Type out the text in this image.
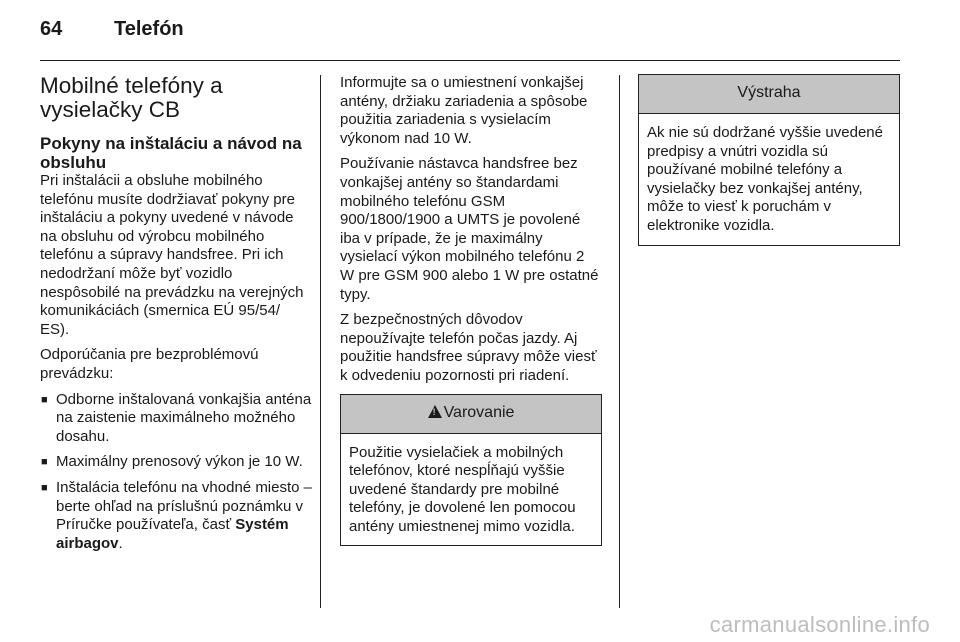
64	Telefón
Mobilné telefóny a vysielačky CB
Pokyny na inštaláciu a návod na obsluhu

Pri inštalácii a obsluhe mobilného telefónu musíte dodržiavať pokyny pre inštaláciu a pokyny uvedené v návode na obsluhu od výrobcu mobilného telefónu a súpravy handsfree. Pri ich nedodržaní môže byť vozidlo nespôsobilé na prevádzku na verejných komunikáciách (smernica EÚ 95/54/ ES).

Odporúčania pre bezproblémovú prevádzku:

■ Odborne inštalovaná vonkajšia anténa na zaistenie maximálneho možného dosahu.
■ Maximálny prenosový výkon je 10 W.
■ Inštalácia telefónu na vhodné miesto – berte ohľad na príslušnú poznámku v Príručke používateľa, časť Systém airbagov.

Informujte sa o umiestnení vonkajšej antény, držiaku zariadenia a spôsobe použitia zariadenia s vysielacím výkonom nad 10 W.

Používanie nástavca handsfree bez vonkajšej antény so štandardami mobilného telefónu GSM 900/1800/1900 a UMTS je povolené iba v prípade, že je maximálny vysielací výkon mobilného telefónu 2 W pre GSM 900 alebo 1 W pre ostatné typy.

Z bezpečnostných dôvodov nepoužívajte telefón počas jazdy. Aj použitie handsfree súpravy môže viesť k odvedeniu pozornosti pri riadení.

!Varovanie
Použitie vysielačiek a mobilných telefónov, ktoré nespĺňajú vyššie uvedené štandardy pre mobilné telefóny, je dovolené len pomocou antény umiestnenej mimo vozidla.
Výstraha
Ak nie sú dodržané vyššie uvedené predpisy a vnútri vozidla sú používané mobilné telefóny a vysielačky bez vonkajšej antény, môže to viesť k poruchám v elektronike vozidla.
carmanualsonline.info
